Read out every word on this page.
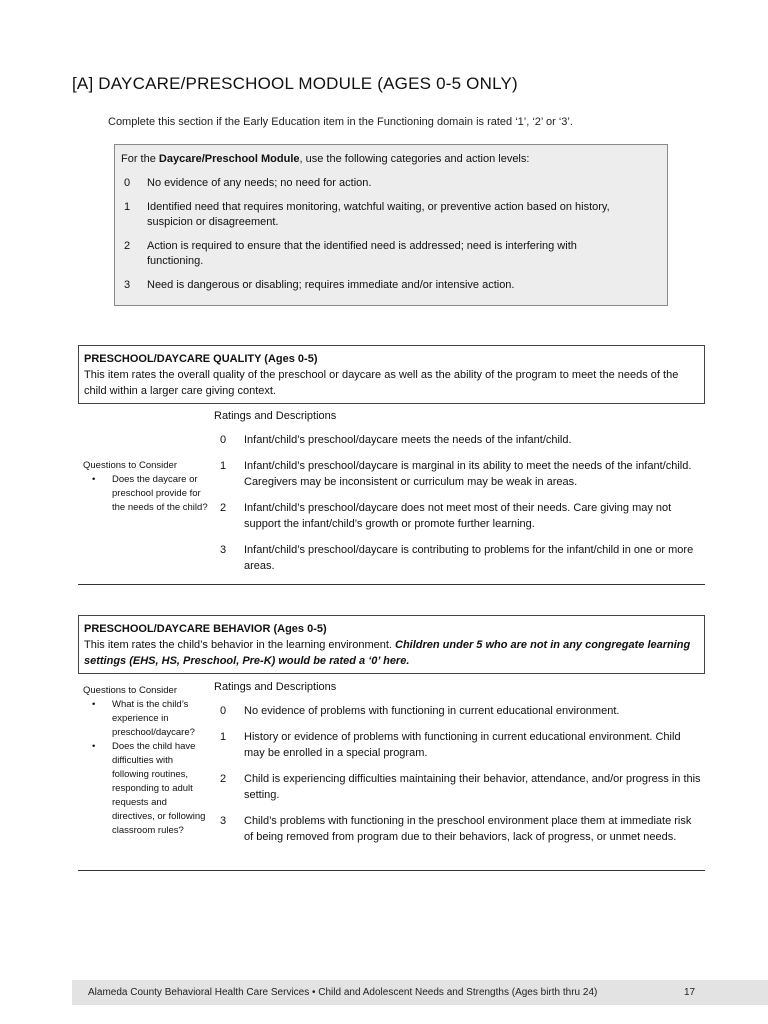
[A] DAYCARE/PRESCHOOL MODULE (AGES 0-5 ONLY)
Complete this section if the Early Education item in the Functioning domain is rated ‘1’, ‘2’ or ‘3’.
For the Daycare/Preschool Module, use the following categories and action levels:
0	No evidence of any needs; no need for action.
1	Identified need that requires monitoring, watchful waiting, or preventive action based on history, suspicion or disagreement.
2	Action is required to ensure that the identified need is addressed; need is interfering with functioning.
3	Need is dangerous or disabling; requires immediate and/or intensive action.
PRESCHOOL/DAYCARE QUALITY (Ages 0-5)
This item rates the overall quality of the preschool or daycare as well as the ability of the program to meet the needs of the child within a larger care giving context.
Questions to Consider
• Does the daycare or preschool provide for the needs of the child?
Ratings and Descriptions
0	Infant/child’s preschool/daycare meets the needs of the infant/child.
1	Infant/child’s preschool/daycare is marginal in its ability to meet the needs of the infant/child. Caregivers may be inconsistent or curriculum may be weak in areas.
2	Infant/child’s preschool/daycare does not meet most of their needs. Care giving may not support the infant/child’s growth or promote further learning.
3	Infant/child’s preschool/daycare is contributing to problems for the infant/child in one or more areas.
PRESCHOOL/DAYCARE BEHAVIOR (Ages 0-5)
This item rates the child’s behavior in the learning environment. Children under 5 who are not in any congregate learning settings (EHS, HS, Preschool, Pre-K) would be rated a ‘0’ here.
Questions to Consider
• What is the child’s experience in preschool/daycare?
• Does the child have difficulties with following routines, responding to adult requests and directives, or following classroom rules?
Ratings and Descriptions
0	No evidence of problems with functioning in current educational environment.
1	History or evidence of problems with functioning in current educational environment. Child may be enrolled in a special program.
2	Child is experiencing difficulties maintaining their behavior, attendance, and/or progress in this setting.
3	Child’s problems with functioning in the preschool environment place them at immediate risk of being removed from program due to their behaviors, lack of progress, or unmet needs.
Alameda County Behavioral Health Care Services • Child and Adolescent Needs and Strengths (Ages birth thru 24)	17
